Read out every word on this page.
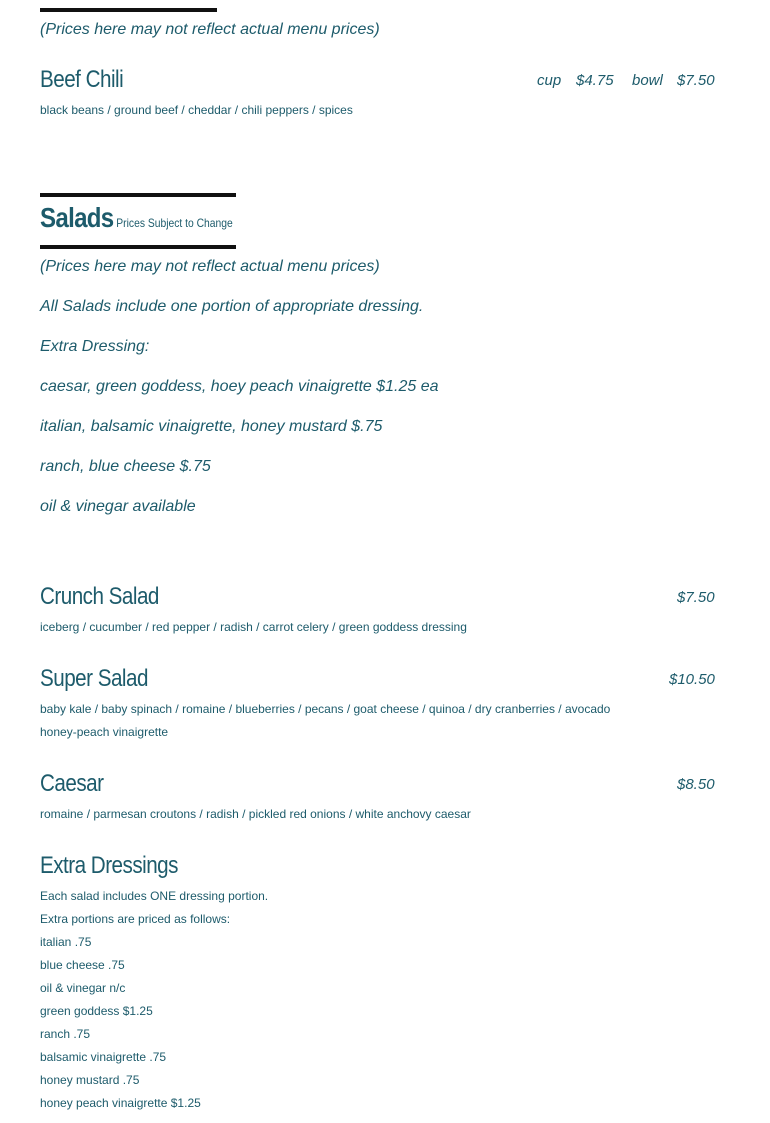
(Prices here may not reflect actual menu prices)
Beef Chili	cup $4.75 bowl $7.50
black beans / ground beef / cheddar / chili peppers / spices
Salads
- Prices Subject to Change
(Prices here may not reflect actual menu prices)
All Salads include one portion of appropriate dressing.
Extra Dressing:
caesar, green goddess, hoey peach vinaigrette $1.25 ea
italian, balsamic vinaigrette, honey mustard $.75
ranch, blue cheese $.75
oil & vinegar available
Crunch Salad	$7.50
iceberg / cucumber / red pepper / radish / carrot celery / green goddess dressing
Super Salad	$10.50
baby kale / baby spinach / romaine / blueberries / pecans / goat cheese / quinoa / dry cranberries / avocado
honey-peach vinaigrette
Caesar	$8.50
romaine / parmesan croutons / radish / pickled red onions / white anchovy caesar
Extra Dressings
Each salad includes ONE dressing portion.
Extra portions are priced as follows:
italian .75
blue cheese .75
oil & vinegar n/c
green goddess $1.25
ranch .75
balsamic vinaigrette .75
honey mustard .75
honey peach vinaigrette $1.25
